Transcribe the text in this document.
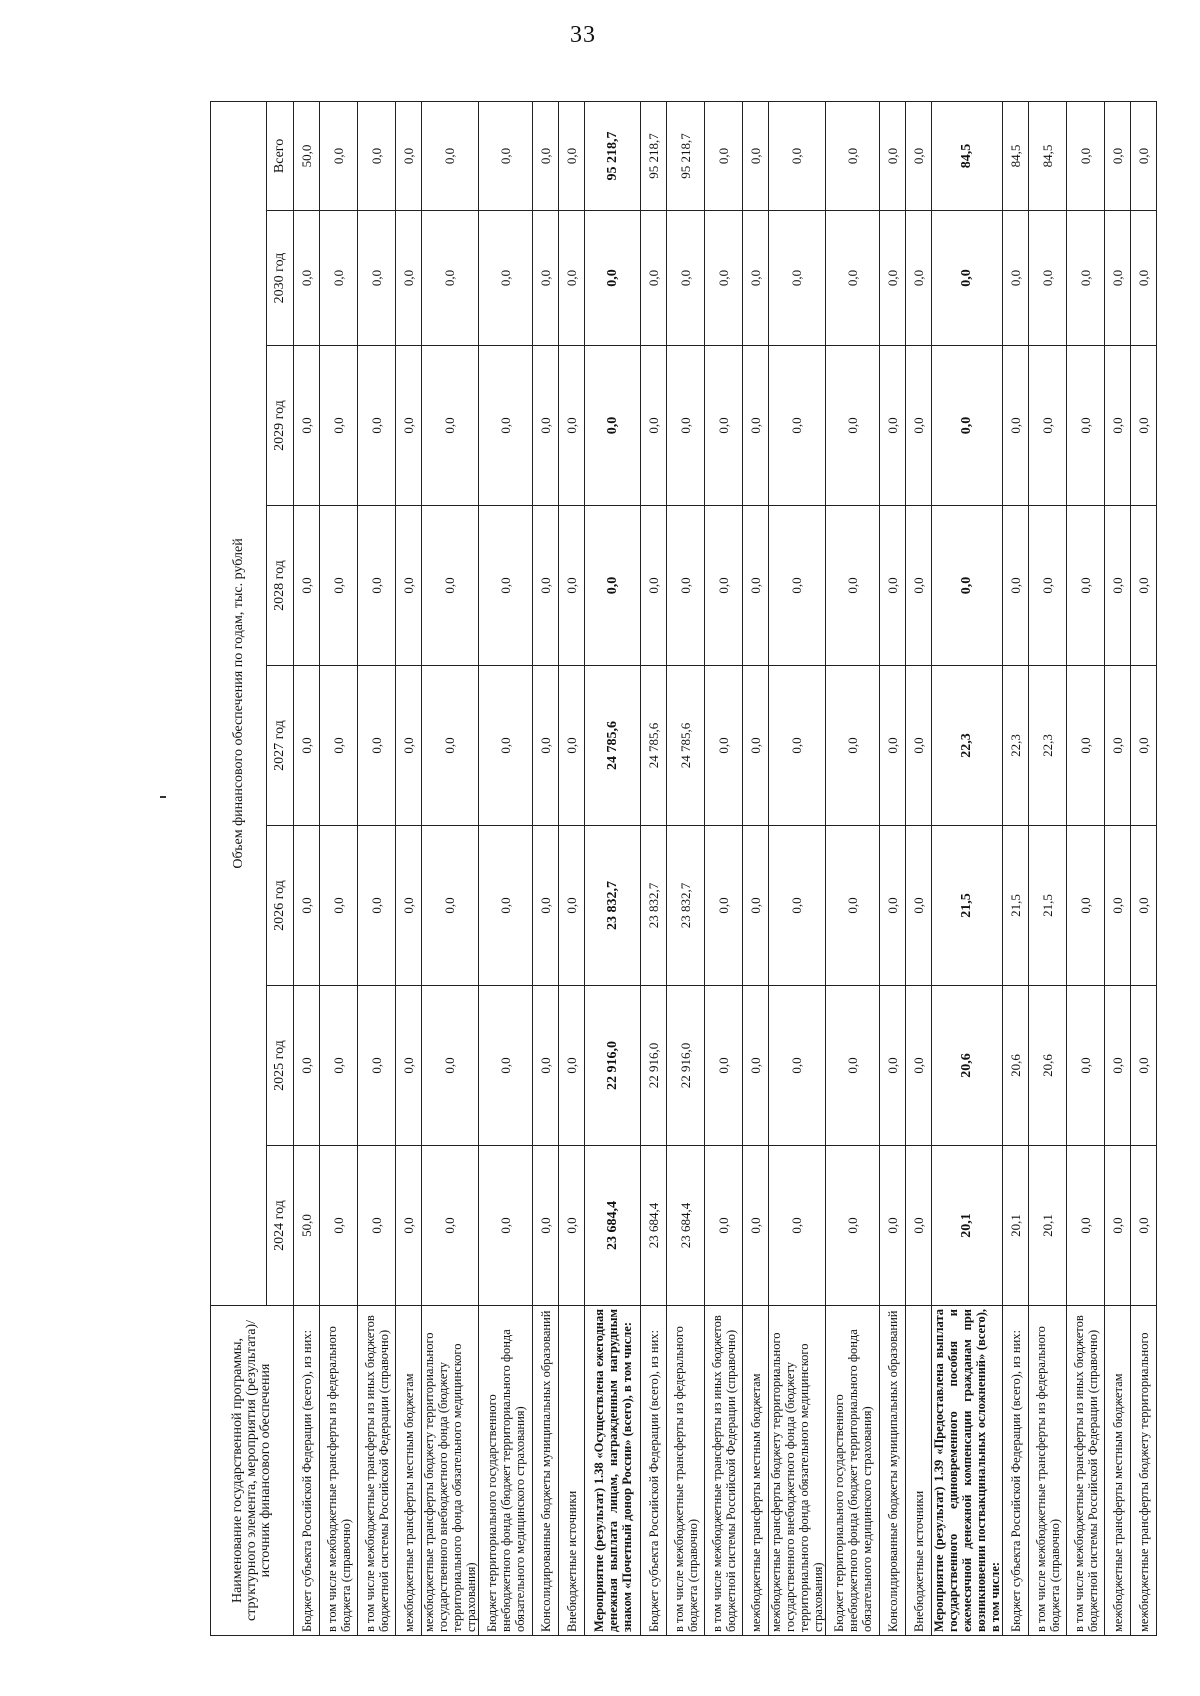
33
Наименование государственной программы, структурного элемента, мероприятия (результата)/источник финансового обеспечения	Объем финансового обеспечения по годам, тыс. рублей							
	2024 год	2025 год	2026 год	2027 год	2028 год	2029 год	2030 год	Всего
Бюджет субъекта Российской Федерации (всего), из них:	50,0	0,0	0,0	0,0	0,0	0,0	0,0	50,0
в том числе межбюджетные трансферты из федерального бюджета (справочно)	0,0	0,0	0,0	0,0	0,0	0,0	0,0	0,0
в том числе межбюджетные трансферты из иных бюджетов бюджетной системы Российской Федерации (справочно)	0,0	0,0	0,0	0,0	0,0	0,0	0,0	0,0
межбюджетные трансферты местным бюджетам	0,0	0,0	0,0	0,0	0,0	0,0	0,0	0,0
межбюджетные трансферты бюджету территориального государственного внебюджетного фонда (бюджету территориального фонда обязательного медицинского страхования)	0,0	0,0	0,0	0,0	0,0	0,0	0,0	0,0
Бюджет территориального государственного внебюджетного фонда (бюджет территориального фонда обязательного медицинского страхования)	0,0	0,0	0,0	0,0	0,0	0,0	0,0	0,0
Консолидированные бюджеты муниципальных образований	0,0	0,0	0,0	0,0	0,0	0,0	0,0	0,0
Внебюджетные источники	0,0	0,0	0,0	0,0	0,0	0,0	0,0	0,0
Мероприятие (результат) 1.38 «Осуществлена ежегодная денежная выплата лицам, награжденным нагрудным знаком «Почетный донор России» (всего), в том числе:	23 684,4	22 916,0	23 832,7	24 785,6	0,0	0,0	0,0	95 218,7
Бюджет субъекта Российской Федерации (всего), из них:	23 684,4	22 916,0	23 832,7	24 785,6	0,0	0,0	0,0	95 218,7
в том числе межбюджетные трансферты из федерального бюджета (справочно)	23 684,4	22 916,0	23 832,7	24 785,6	0,0	0,0	0,0	95 218,7
в том числе межбюджетные трансферты из иных бюджетов бюджетной системы Российской Федерации (справочно)	0,0	0,0	0,0	0,0	0,0	0,0	0,0	0,0
межбюджетные трансферты местным бюджетам	0,0	0,0	0,0	0,0	0,0	0,0	0,0	0,0
межбюджетные трансферты бюджету территориального государственного внебюджетного фонда (бюджету территориального фонда обязательного медицинского страхования)	0,0	0,0	0,0	0,0	0,0	0,0	0,0	0,0
Бюджет территориального государственного внебюджетного фонда (бюджет территориального фонда обязательного медицинского страхования)	0,0	0,0	0,0	0,0	0,0	0,0	0,0	0,0
Консолидированные бюджеты муниципальных образований	0,0	0,0	0,0	0,0	0,0	0,0	0,0	0,0
Внебюджетные источники	0,0	0,0	0,0	0,0	0,0	0,0	0,0	0,0
Мероприятие (результат) 1.39 «Предоставлена выплата государственного единовременного пособия и ежемесячной денежной компенсации гражданам при возникновении поствакцинальных осложнений» (всего), в том числе:	20,1	20,6	21,5	22,3	0,0	0,0	0,0	84,5
Бюджет субъекта Российской Федерации (всего), из них:	20,1	20,6	21,5	22,3	0,0	0,0	0,0	84,5
в том числе межбюджетные трансферты из федерального бюджета (справочно)	20,1	20,6	21,5	22,3	0,0	0,0	0,0	84,5
в том числе межбюджетные трансферты из иных бюджетов бюджетной системы Российской Федерации (справочно)	0,0	0,0	0,0	0,0	0,0	0,0	0,0	0,0
межбюджетные трансферты местным бюджетам	0,0	0,0	0,0	0,0	0,0	0,0	0,0	0,0
межбюджетные трансферты бюджету территориального	0,0	0,0	0,0	0,0	0,0	0,0	0,0	0,0
